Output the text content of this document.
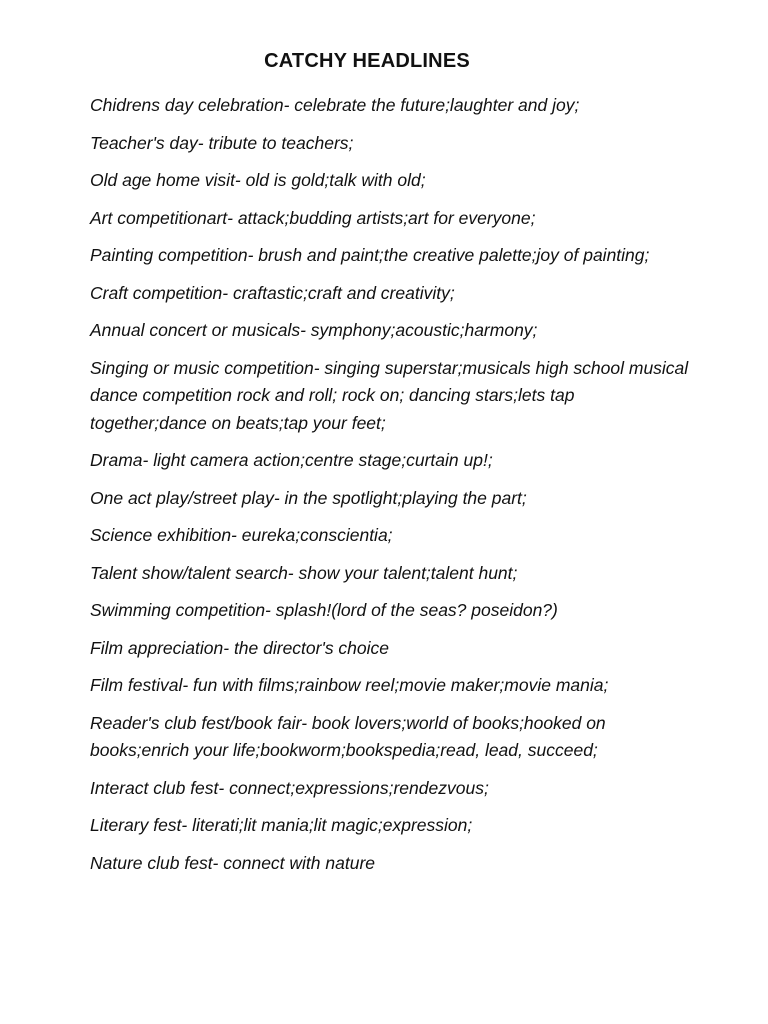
CATCHY HEADLINES
Chidrens day celebration- celebrate the future;laughter and joy;
Teacher's day- tribute to teachers;
Old age home visit- old is gold;talk with old;
Art competitionart- attack;budding artists;art for everyone;
Painting competition- brush and paint;the creative palette;joy of painting;
Craft competition- craftastic;craft and creativity;
Annual concert or musicals- symphony;acoustic;harmony;
Singing or music competition- singing superstar;musicals high school musical dance competition rock and roll; rock on; dancing stars;lets tap together;dance on beats;tap your feet;
Drama- light camera action;centre stage;curtain up!;
One act play/street play- in the spotlight;playing the part;
Science exhibition- eureka;conscientia;
Talent show/talent search- show your talent;talent hunt;
Swimming competition- splash!(lord of the seas? poseidon?)
Film appreciation- the director's choice
Film festival- fun with films;rainbow reel;movie maker;movie mania;
Reader's club fest/book fair- book lovers;world of books;hooked on books;enrich your life;bookworm;bookspedia;read, lead, succeed;
Interact club fest- connect;expressions;rendezvous;
Literary fest- literati;lit mania;lit magic;expression;
Nature club fest- connect with nature
